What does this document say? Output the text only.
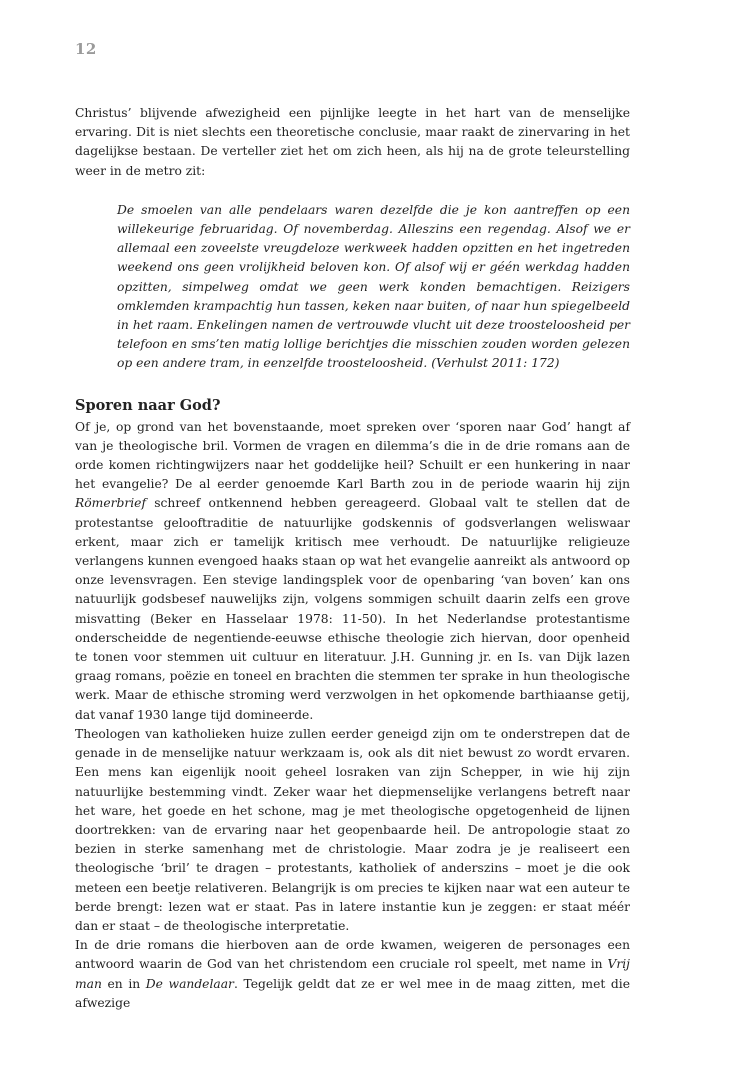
12

Christus’ blijvende afwezigheid een pijnlijke leegte in het hart van de menselijke ervaring. Dit is niet slechts een theoretische conclusie, maar raakt de zinervaring in het dagelijkse bestaan. De verteller ziet het om zich heen, als hij na de grote teleurstelling weer in de metro zit:

De smoelen van alle pendelaars waren dezelfde die je kon aantreffen op een willekeurige februaridag. Of novemberdag. Alleszins een regendag. Alsof we er allemaal een zoveelste vreugdeloze werkweek hadden opzitten en het ingetreden weekend ons geen vrolijkheid beloven kon. Of alsof wij er géén werkdag hadden opzitten, simpelweg omdat we geen werk konden bemachtigen. Reizigers omklemden krampachtig hun tassen, keken naar buiten, of naar hun spiegelbeeld in het raam. Enkelingen namen de vertrouwde vlucht uit deze troosteloosheid per telefoon en sms’ten matig lollige berichtjes die misschien zouden worden gelezen op een andere tram, in eenzelfde troosteloosheid. (Verhulst 2011: 172)

Sporen naar God?

Of je, op grond van het bovenstaande, moet spreken over ‘sporen naar God’ hangt af van je theologische bril. Vormen de vragen en dilemma’s die in de drie romans aan de orde komen richtingwijzers naar het goddelijke heil? Schuilt er een hunkering in naar het evangelie? De al eerder genoemde Karl Barth zou in de periode waarin hij zijn Römerbrief schreef ontkennend hebben gereageerd. Globaal valt te stellen dat de protestantse gelooftraditie de natuurlijke godskennis of godsverlangen weliswaar erkent, maar zich er tamelijk kritisch mee verhoudt. De natuurlijke religieuze verlangens kunnen evengoed haaks staan op wat het evangelie aanreikt als antwoord op onze levensvragen. Een stevige landingsplek voor de openbaring ‘van boven’ kan ons natuurlijk godsbesef nauwelijks zijn, volgens sommigen schuilt daarin zelfs een grove misvatting (Beker en Hasselaar 1978: 11-50). In het Nederlandse protestantisme onderscheidde de negentiende-eeuwse ethische theologie zich hiervan, door openheid te tonen voor stemmen uit cultuur en literatuur. J.H. Gunning jr. en Is. van Dijk lazen graag romans, poëzie en toneel en brachten die stemmen ter sprake in hun theologische werk. Maar de ethische stroming werd verzwolgen in het opkomende barthiaanse getij, dat vanaf 1930 lange tijd domineerde.

Theologen van katholieken huize zullen eerder geneigd zijn om te onderstrepen dat de genade in de menselijke natuur werkzaam is, ook als dit niet bewust zo wordt ervaren. Een mens kan eigenlijk nooit geheel losraken van zijn Schepper, in wie hij zijn natuurlijke bestemming vindt. Zeker waar het diepmenselijke verlangens betreft naar het ware, het goede en het schone, mag je met theologische opgetogenheid de lijnen doortrekken: van de ervaring naar het geopenbaarde heil. De antropologie staat zo bezien in sterke samenhang met de christologie. Maar zodra je je realiseert een theologische ‘bril’ te dragen – protestants, katholiek of anderszins – moet je die ook meteen een beetje relativeren. Belangrijk is om precies te kijken naar wat een auteur te berde brengt: lezen wat er staat. Pas in latere instantie kun je zeggen: er staat méér dan er staat – de theologische interpretatie.

In de drie romans die hierboven aan de orde kwamen, weigeren de personages een antwoord waarin de God van het christendom een cruciale rol speelt, met name in Vrij man en in De wandelaar. Tegelijk geldt dat ze er wel mee in de maag zitten, met die afwezige
